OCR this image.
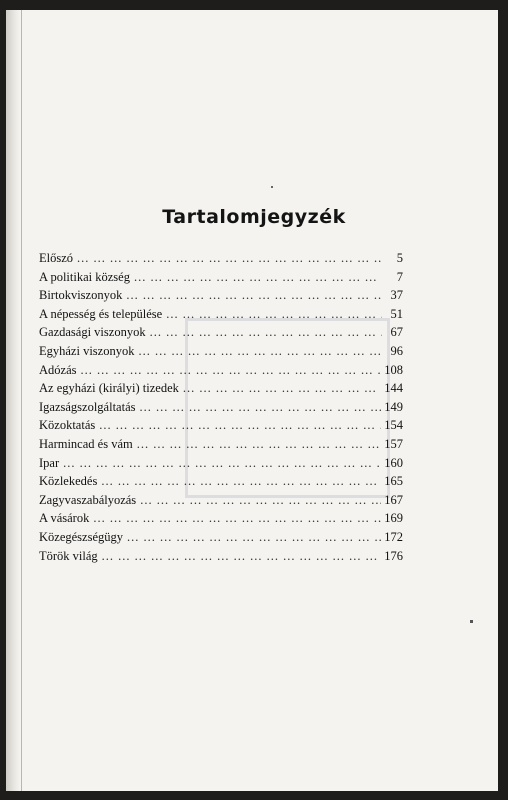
Tartalomjegyzék
Előszó ... .	5
A politikai község ... .	7
Birtokviszonyok ... .	37
A népesség és települése ... .	51
Gazdasági viszonyok ... .	67
Egyházi viszonyok ... .	96
Adózás ... .	108
Az egyházi (királyi) tizedek ... .	144
Igazságszolgáltatás ... .	149
Közoktatás ... .	154
Harmincad és vám ... .	157
Ipar ... .	160
Közlekedés ... .	165
Zagyvaszabályozás ... .	167
A vásárok ... .	169
Közegészségügy ... .	172
Török világ ... .	176
